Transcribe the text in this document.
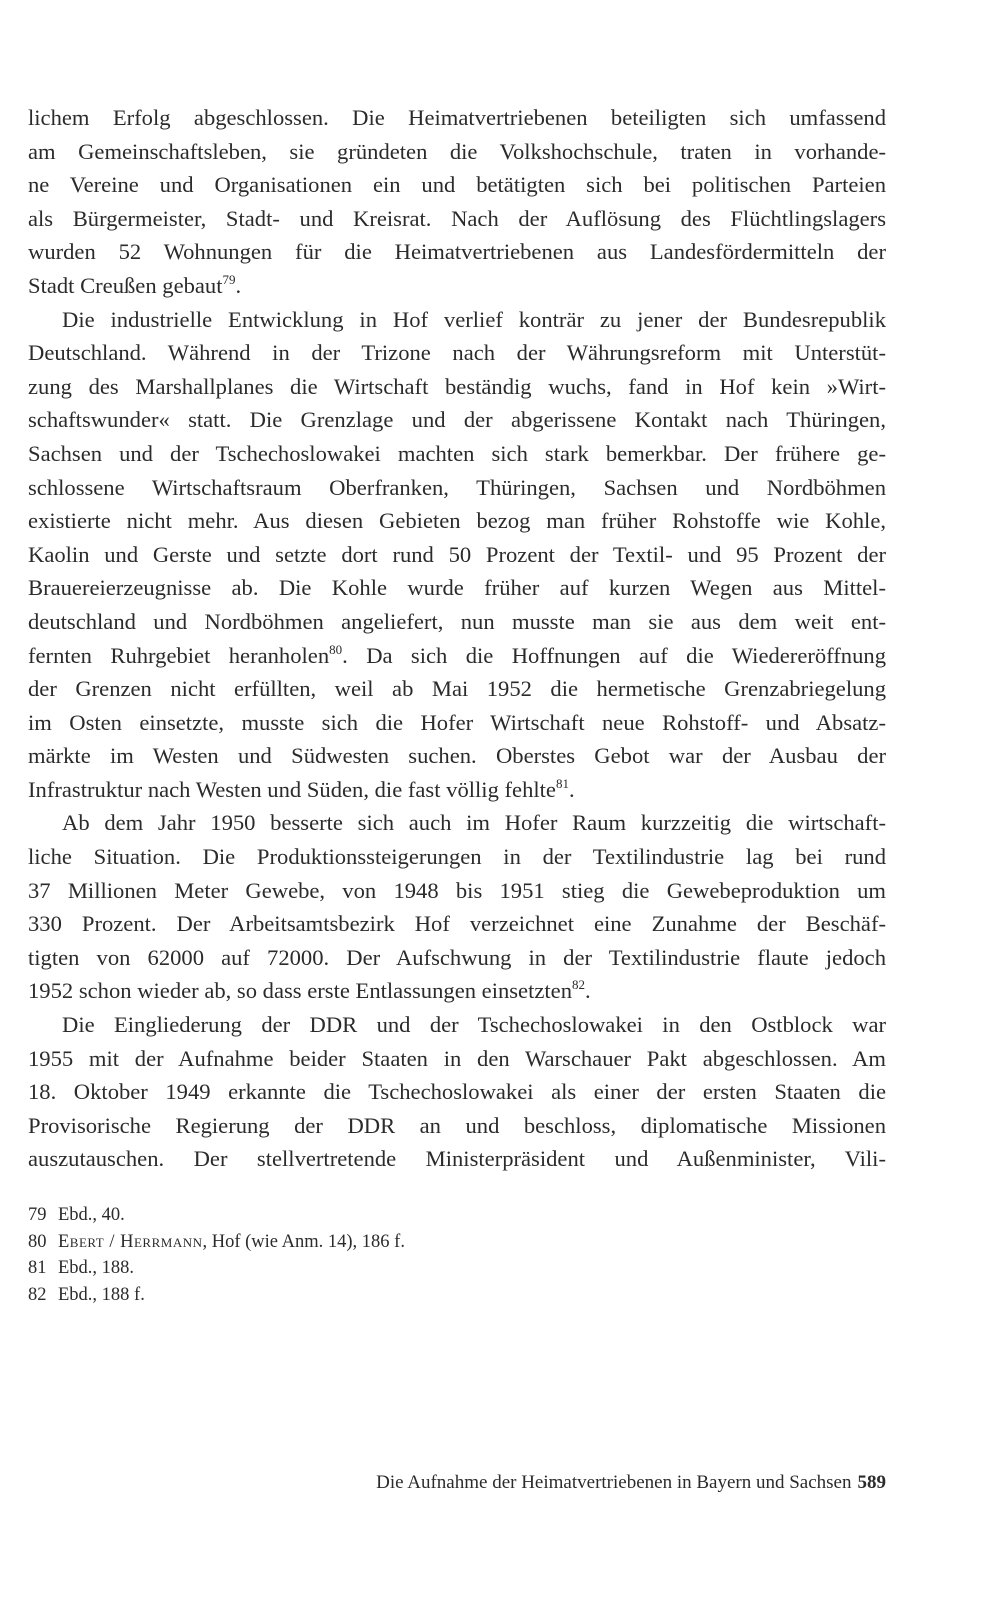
lichem Erfolg abgeschlossen. Die Heimatvertriebenen beteiligten sich umfassend
am Gemeinschaftsleben, sie gründeten die Volkshochschule, traten in vorhande-
ne Vereine und Organisationen ein und betätigten sich bei politischen Parteien
als Bürgermeister, Stadt- und Kreisrat. Nach der Auflösung des Flüchtlingslagers
wurden 52 Wohnungen für die Heimatvertriebenen aus Landesfördermitteln der
Stadt Creußen gebaut$^{79}$.
Die industrielle Entwicklung in Hof verlief konträr zu jener der Bundesrepublik
Deutschland. Während in der Trizone nach der Währungsreform mit Unterstüt-
zung des Marshallplanes die Wirtschaft beständig wuchs, fand in Hof kein »Wirt-
schaftswunder« statt. Die Grenzlage und der abgerissene Kontakt nach Thüringen,
Sachsen und der Tschechoslowakei machten sich stark bemerkbar. Der frühere ge-
schlossene Wirtschaftsraum Oberfranken, Thüringen, Sachsen und Nordböhmen
existierte nicht mehr. Aus diesen Gebieten bezog man früher Rohstoffe wie Kohle,
Kaolin und Gerste und setzte dort rund 50 Prozent der Textil- und 95 Prozent der
Brauereierzeugnisse ab. Die Kohle wurde früher auf kurzen Wegen aus Mittel-
deutschland und Nordböhmen angeliefert, nun musste man sie aus dem weit ent-
fernten Ruhrgebiet heranholen$^{80}$. Da sich die Hoffnungen auf die Wiedereröffnung
der Grenzen nicht erfüllten, weil ab Mai 1952 die hermetische Grenzabriegelung
im Osten einsetzte, musste sich die Hofer Wirtschaft neue Rohstoff- und Absatz-
märkte im Westen und Südwesten suchen. Oberstes Gebot war der Ausbau der
Infrastruktur nach Westen und Süden, die fast völlig fehlte$^{81}$.
Ab dem Jahr 1950 besserte sich auch im Hofer Raum kurzzeitig die wirtschaft-
liche Situation. Die Produktionssteigerungen in der Textilindustrie lag bei rund
37 Millionen Meter Gewebe, von 1948 bis 1951 stieg die Gewebeproduktion um
330 Prozent. Der Arbeitsamtsbezirk Hof verzeichnet eine Zunahme der Beschäf-
tigten von 62000 auf 72000. Der Aufschwung in der Textilindustrie flaute jedoch
1952 schon wieder ab, so dass erste Entlassungen einsetzten$^{82}$.
Die Eingliederung der DDR und der Tschechoslowakei in den Ostblock war
1955 mit der Aufnahme beider Staaten in den Warschauer Pakt abgeschlossen. Am
18. Oktober 1949 erkannte die Tschechoslowakei als einer der ersten Staaten die
Provisorische Regierung der DDR an und beschloss, diplomatische Missionen
auszutauschen. Der stellvertretende Ministerpräsident und Außenminister, Vili-
79 Ebd., 40.
80 Ebert / Herrmann, Hof (wie Anm. 14), 186 f.
81 Ebd., 188.
82 Ebd., 188 f.
Die Aufnahme der Heimatvertriebenen in Bayern und Sachsen 589
